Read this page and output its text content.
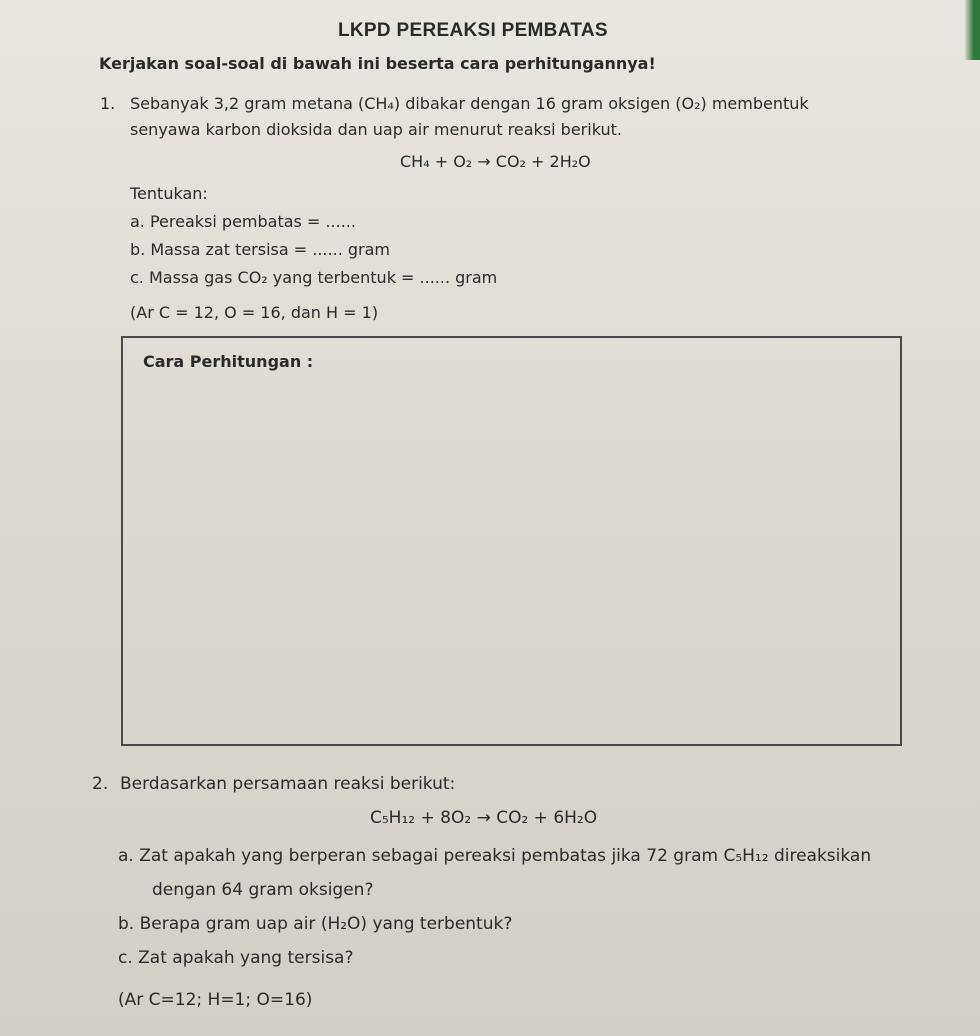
LKPD PEREAKSI PEMBATAS
Kerjakan soal-soal di bawah ini beserta cara perhitungannya!
1. Sebanyak 3,2 gram metana (CH₄) dibakar dengan 16 gram oksigen (O₂) membentuk
senyawa karbon dioksida dan uap air menurut reaksi berikut.
CH₄ + O₂ → CO₂ + 2H₂O
Tentukan:
a. Pereaksi pembatas = ......
b. Massa zat tersisa = ...... gram
c. Massa gas CO₂ yang terbentuk = ...... gram
(Ar C = 12, O = 16, dan H = 1)
Cara Perhitungan :
2. Berdasarkan persamaan reaksi berikut:
C₅H₁₂ + 8O₂ → CO₂ + 6H₂O
a. Zat apakah yang berperan sebagai pereaksi pembatas jika 72 gram C₅H₁₂ direaksikan
dengan 64 gram oksigen?
b. Berapa gram uap air (H₂O) yang terbentuk?
c. Zat apakah yang tersisa?
(Ar C=12; H=1; O=16)
